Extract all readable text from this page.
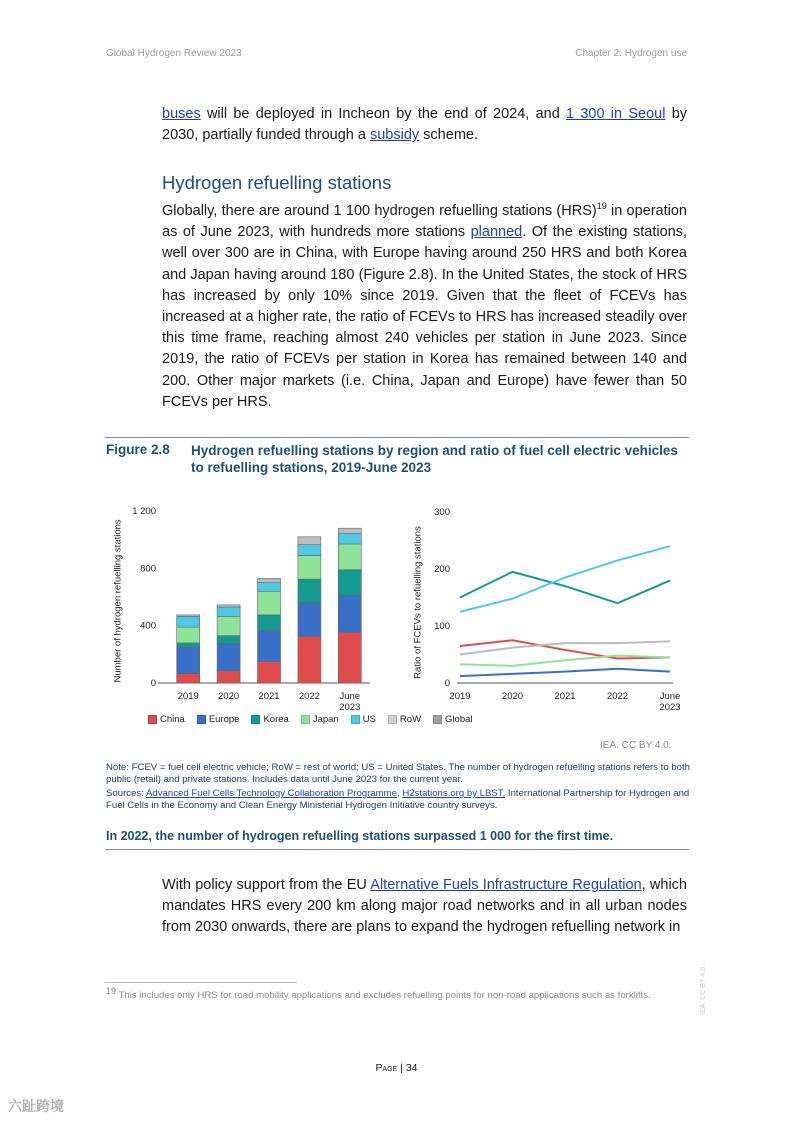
Global Hydrogen Review 2023	Chapter 2. Hydrogen use
buses will be deployed in Incheon by the end of 2024, and 1 300 in Seoul by 2030, partially funded through a subsidy scheme.
Hydrogen refuelling stations
Globally, there are around 1 100 hydrogen refuelling stations (HRS)$^{19}$ in operation as of June 2023, with hundreds more stations planned. Of the existing stations, well over 300 are in China, with Europe having around 250 HRS and both Korea and Japan having around 180 (Figure 2.8). In the United States, the stock of HRS has increased by only 10% since 2019. Given that the fleet of FCEVs has increased at a higher rate, the ratio of FCEVs to HRS has increased steadily over this time frame, reaching almost 240 vehicles per station in June 2023. Since 2019, the ratio of FCEVs per station in Korea has remained between 140 and 200. Other major markets (i.e. China, Japan and Europe) have fewer than 50 FCEVs per HRS.
Figure 2.8 Hydrogen refuelling stations by region and ratio of fuel cell electric vehicles to refuelling stations, 2019-June 2023
Number of hydrogen refuelling stations
0
400
800
1 200
2019 2020 2021 2022 June 2023
Ratio of FCEVs to refuelling stations
0
100
200
300
2019	2020	2021	2022	June 2023
China	Europe	Korea	Japan	US	RoW	Global
IEA. CC BY 4.0.
Note: FCEV = fuel cell electric vehicle; RoW = rest of world; US = United States. The number of hydrogen refuelling stations refers to both public (retail) and private stations. Includes data until June 2023 for the current year.
Sources: Advanced Fuel Cells Technology Collaboration Programme, H2stations.org by LBST, International Partnership for Hydrogen and Fuel Cells in the Economy and Clean Energy Ministerial Hydrogen Initiative country surveys.
In 2022, the number of hydrogen refuelling stations surpassed 1 000 for the first time.
With policy support from the EU Alternative Fuels Infrastructure Regulation, which mandates HRS every 200 km along major road networks and in all urban nodes from 2030 onwards, there are plans to expand the hydrogen refuelling network in
$^{19}$ This includes only HRS for road mobility applications and excludes refuelling points for non-road applications such as forklifts.
Page | 34
IEA. CC BY 4.0.
六趾跨境
